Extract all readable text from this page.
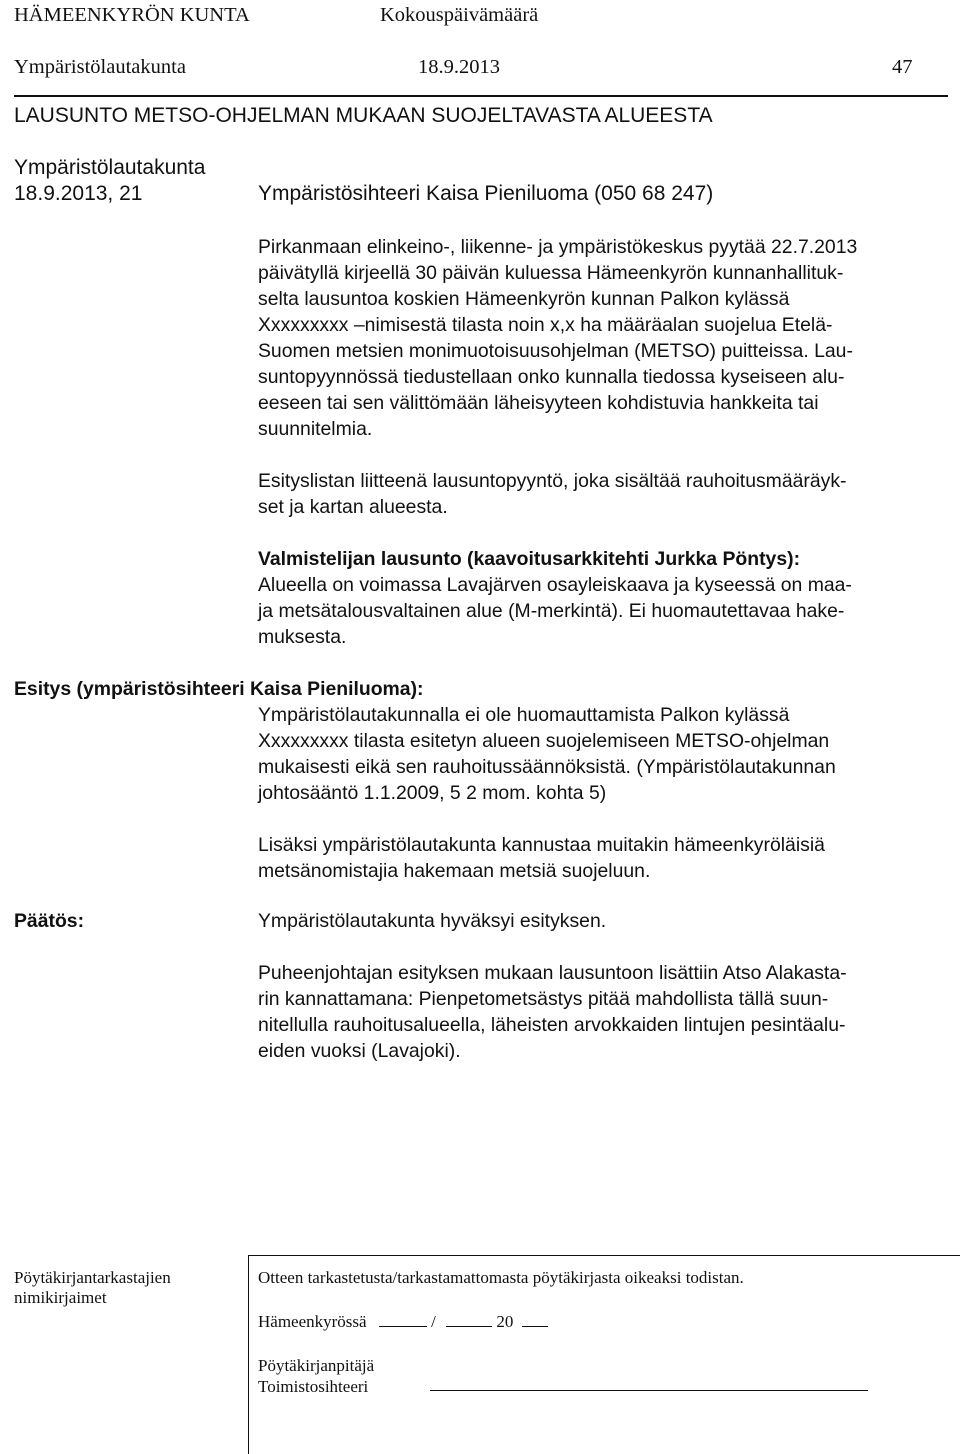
HÄMEENKYRÖN KUNTA	Kokouspäivämäärä
Ympäristölautakunta	18.9.2013	47
LAUSUNTO METSO-OHJELMAN MUKAAN SUOJELTAVASTA ALUEESTA
Ympäristölautakunta
18.9.2013, 21	Ympäristösihteeri Kaisa Pieniluoma (050 68 247)
Pirkanmaan elinkeino-, liikenne- ja ympäristökeskus pyytää 22.7.2013
päivätyllä kirjeellä 30 päivän kuluessa Hämeenkyrön kunnanhallituk-
selta lausuntoa koskien Hämeenkyrön kunnan Palkon kylässä
Xxxxxxxxx –nimisestä tilasta noin x,x ha määräalan suojelua Etelä-
Suomen metsien monimuotoisuusohjelman (METSO) puitteissa. Lau-
suntopyynnössä tiedustellaan onko kunnalla tiedossa kyseiseen alu-
eeseen tai sen välittömään läheisyyteen kohdistuvia hankkeita tai
suunnitelmia.
Esityslistan liitteenä lausuntopyyntö, joka sisältää rauhoitusmääräyk-
set ja kartan alueesta.
Valmistelijan lausunto (kaavoitusarkkitehti Jurkka Pöntys):
Alueella on voimassa Lavajärven osayleiskaava ja kyseessä on maa-
ja metsätalousvaltainen alue (M-merkintä). Ei huomautettavaa hake-
muksesta.
Esitys (ympäristösihteeri Kaisa Pieniluoma):
Ympäristölautakunnalla ei ole huomauttamista Palkon kylässä
Xxxxxxxxx tilasta esitetyn alueen suojelemiseen METSO-ohjelman
mukaisesti eikä sen rauhoitussäännöksistä. (Ympäristölautakunnan
johtosääntö 1.1.2009, 5 2 mom. kohta 5)
Lisäksi ympäristölautakunta kannustaa muitakin hämeenkyröläisiä
metsänomistajia hakemaan metsiä suojeluun.
Päätös:	Ympäristölautakunta hyväksyi esityksen.
Puheenjohtajan esityksen mukaan lausuntoon lisättiin Atso Alakasta-
rin kannattamana: Pienpetometsästys pitää mahdollista tällä suun-
nitellulla rauhoitusalueella, läheisten arvokkaiden lintujen pesintäalu-
eiden vuoksi (Lavajoki).
Pöytäkirjantarkastajien
nimikirjaimet
Otteen tarkastetusta/tarkastamattomasta pöytäkirjasta oikeaksi todistan.
Hämeenkyrössä	/	20
Pöytäkirjanpitäjä
Toimistosihteeri
